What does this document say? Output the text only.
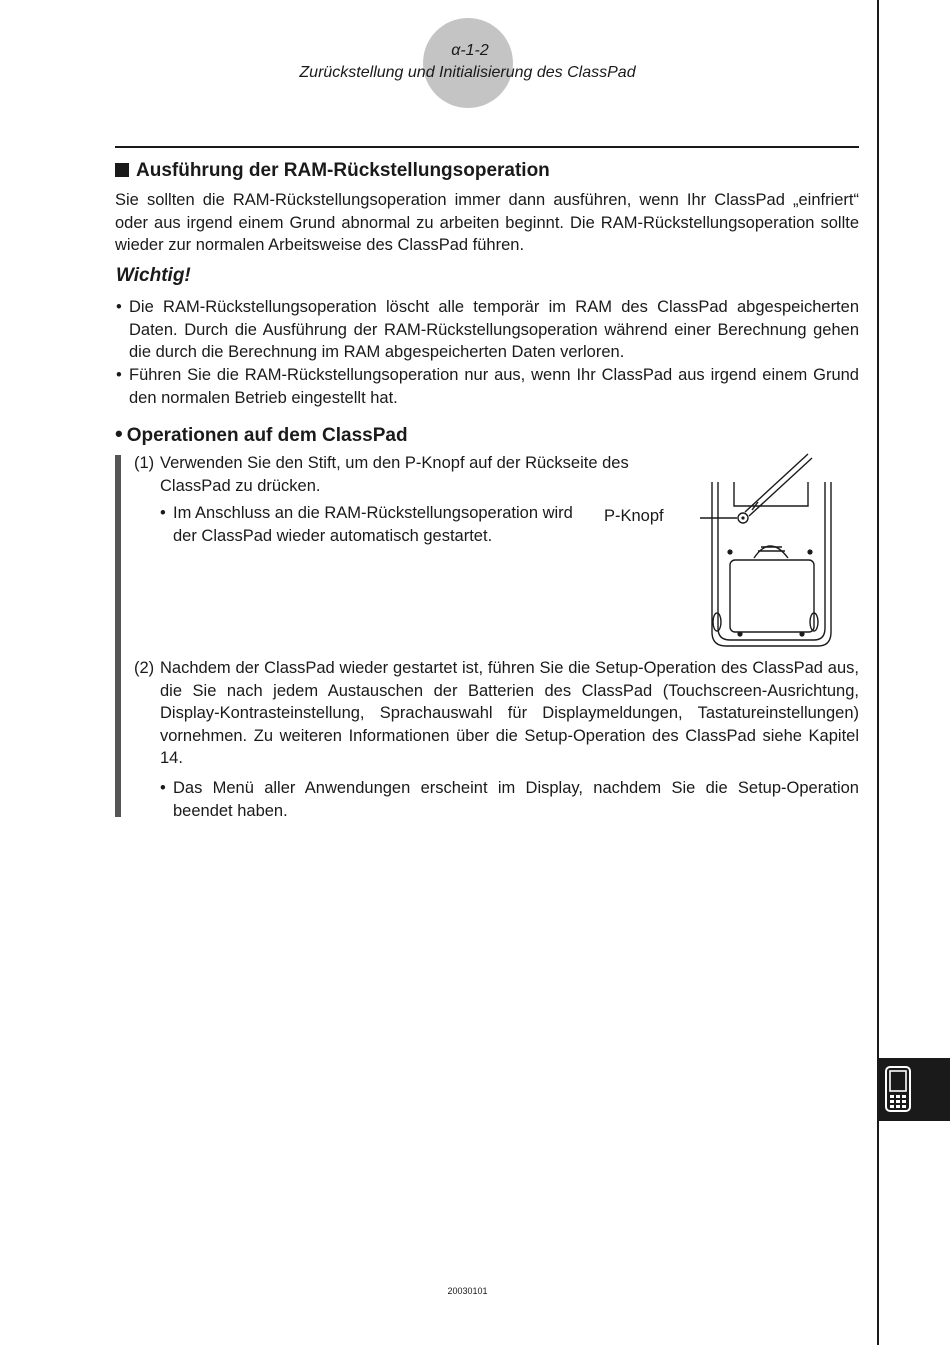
α-1-2
Zurückstellung und Initialisierung des ClassPad
Ausführung der RAM-Rückstellungsoperation
Sie sollten die RAM-Rückstellungsoperation immer dann ausführen, wenn Ihr ClassPad „einfriert“ oder aus irgend einem Grund abnormal zu arbeiten beginnt. Die RAM-Rückstellungsoperation sollte wieder zur normalen Arbeitsweise des ClassPad führen.
Wichtig!
• Die RAM-Rückstellungsoperation löscht alle temporär im RAM des ClassPad abgespeicherten Daten. Durch die Ausführung der RAM-Rückstellungsoperation während einer Berechnung gehen die durch die Berechnung im RAM abgespeicherten Daten verloren.
• Führen Sie die RAM-Rückstellungsoperation nur aus, wenn Ihr ClassPad aus irgend einem Grund den normalen Betrieb eingestellt hat.
• Operationen auf dem ClassPad
(1) Verwenden Sie den Stift, um den P-Knopf auf der Rückseite des ClassPad zu drücken.
• Im Anschluss an die RAM-Rückstellungsoperation wird der ClassPad wieder automatisch gestartet.
P-Knopf
(2) Nachdem der ClassPad wieder gestartet ist, führen Sie die Setup-Operation des ClassPad aus, die Sie nach jedem Austauschen der Batterien des ClassPad (Touchscreen-Ausrichtung, Display-Kontrasteinstellung, Sprachauswahl für Displaymeldungen, Tastatureinstellungen) vornehmen. Zu weiteren Informationen über die Setup-Operation des ClassPad siehe Kapitel 14.
• Das Menü aller Anwendungen erscheint im Display, nachdem Sie die Setup-Operation beendet haben.
20030101
